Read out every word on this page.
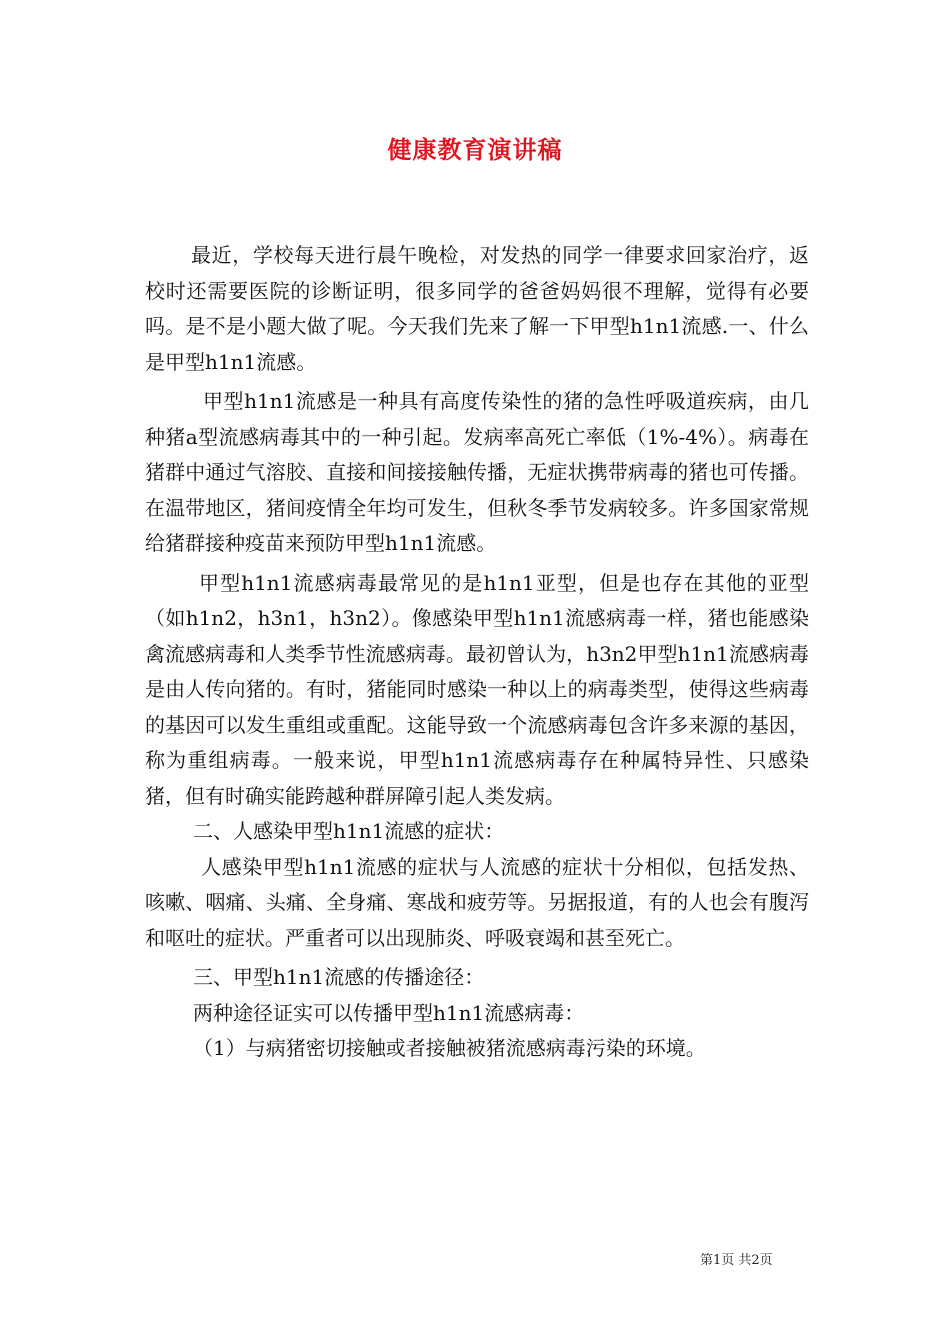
健康教育演讲稿

最近，学校每天进行晨午晚检，对发热的同学一律要求回家治疗，返校时还需要医院的诊断证明，很多同学的爸爸妈妈很不理解，觉得有必要吗。是不是小题大做了呢。今天我们先来了解一下甲型h1n1流感.一、什么是甲型h1n1流感。

甲型h1n1流感是一种具有高度传染性的猪的急性呼吸道疾病，由几种猪a型流感病毒其中的一种引起。发病率高死亡率低（1%-4%）。病毒在猪群中通过气溶胶、直接和间接接触传播，无症状携带病毒的猪也可传播。在温带地区，猪间疫情全年均可发生，但秋冬季节发病较多。许多国家常规给猪群接种疫苗来预防甲型h1n1流感。

甲型h1n1流感病毒最常见的是h1n1亚型，但是也存在其他的亚型（如h1n2，h3n1，h3n2）。像感染甲型h1n1流感病毒一样，猪也能感染禽流感病毒和人类季节性流感病毒。最初曾认为，h3n2甲型h1n1流感病毒是由人传向猪的。有时，猪能同时感染一种以上的病毒类型，使得这些病毒的基因可以发生重组或重配。这能导致一个流感病毒包含许多来源的基因，称为重组病毒。一般来说，甲型h1n1流感病毒存在种属特异性、只感染猪，但有时确实能跨越种群屏障引起人类发病。

二、人感染甲型h1n1流感的症状：

人感染甲型h1n1流感的症状与人流感的症状十分相似，包括发热、咳嗽、咽痛、头痛、全身痛、寒战和疲劳等。另据报道，有的人也会有腹泻和呕吐的症状。严重者可以出现肺炎、呼吸衰竭和甚至死亡。

三、甲型h1n1流感的传播途径：

两种途径证实可以传播甲型h1n1流感病毒：

（1）与病猪密切接触或者接触被猪流感病毒污染的环境。

第1页 共2页
